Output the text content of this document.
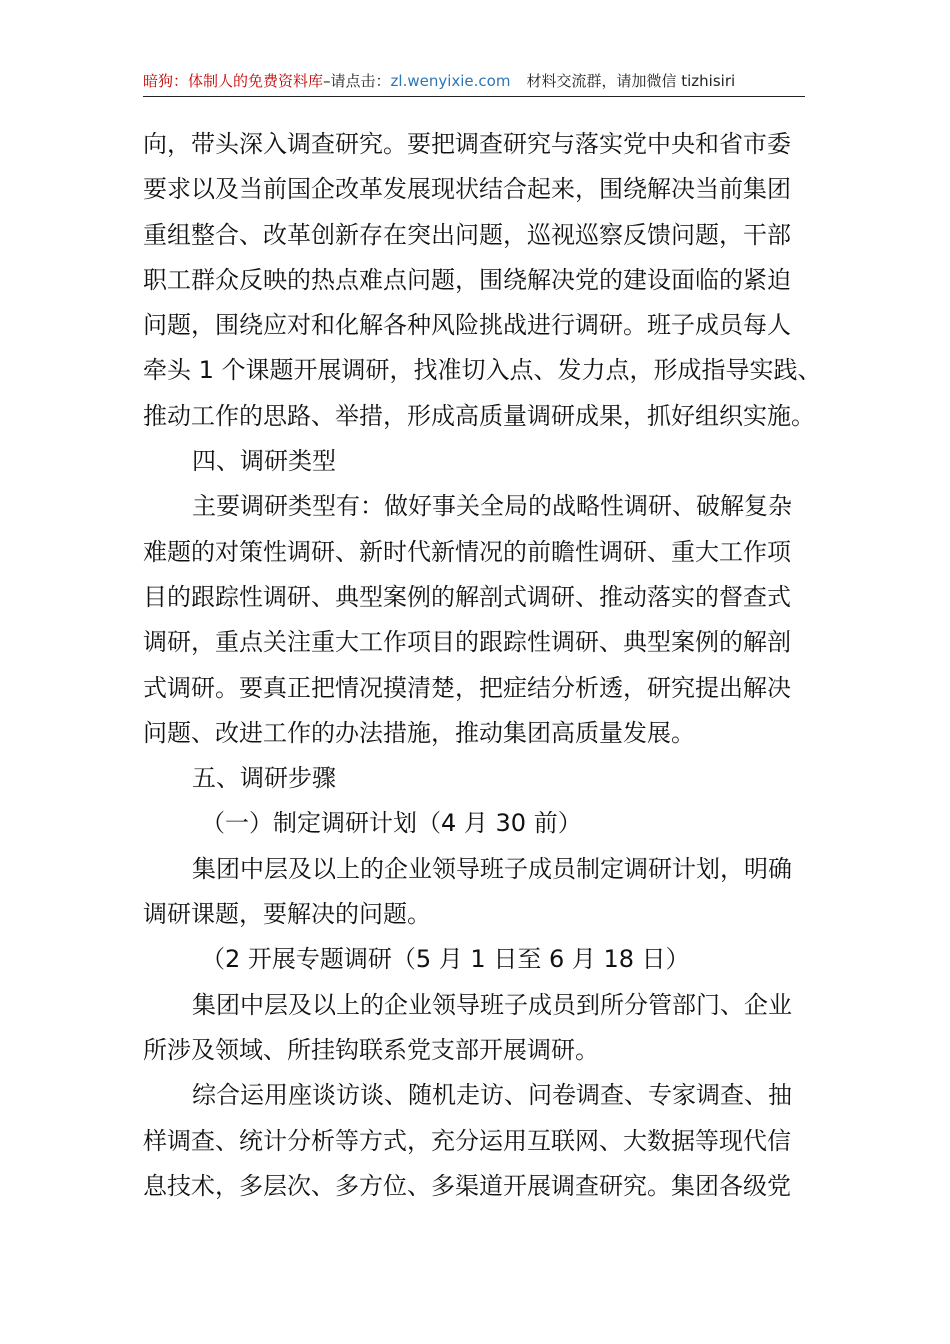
暗狗：体制人的免费资料库–请点击：zl.wenyixie.com 材料交流群，请加微信 tizhisiri
向，带头深入调查研究。要把调查研究与落实党中央和省市委
要求以及当前国企改革发展现状结合起来，围绕解决当前集团
重组整合、改革创新存在突出问题，巡视巡察反馈问题，干部
职工群众反映的热点难点问题，围绕解决党的建设面临的紧迫
问题，围绕应对和化解各种风险挑战进行调研。班子成员每人
牵头 1 个课题开展调研，找准切入点、发力点，形成指导实践、
推动工作的思路、举措，形成高质量调研成果，抓好组织实施。
四、调研类型
主要调研类型有：做好事关全局的战略性调研、破解复杂
难题的对策性调研、新时代新情况的前瞻性调研、重大工作项
目的跟踪性调研、典型案例的解剖式调研、推动落实的督查式
调研，重点关注重大工作项目的跟踪性调研、典型案例的解剖
式调研。要真正把情况摸清楚，把症结分析透，研究提出解决
问题、改进工作的办法措施，推动集团高质量发展。
五、调研步骤
（一）制定调研计划（4 月 30 前）
集团中层及以上的企业领导班子成员制定调研计划，明确
调研课题，要解决的问题。
（2 开展专题调研（5 月 1 日至 6 月 18 日）
集团中层及以上的企业领导班子成员到所分管部门、企业
所涉及领域、所挂钩联系党支部开展调研。
综合运用座谈访谈、随机走访、问卷调查、专家调查、抽
样调查、统计分析等方式，充分运用互联网、大数据等现代信
息技术，多层次、多方位、多渠道开展调查研究。集团各级党
